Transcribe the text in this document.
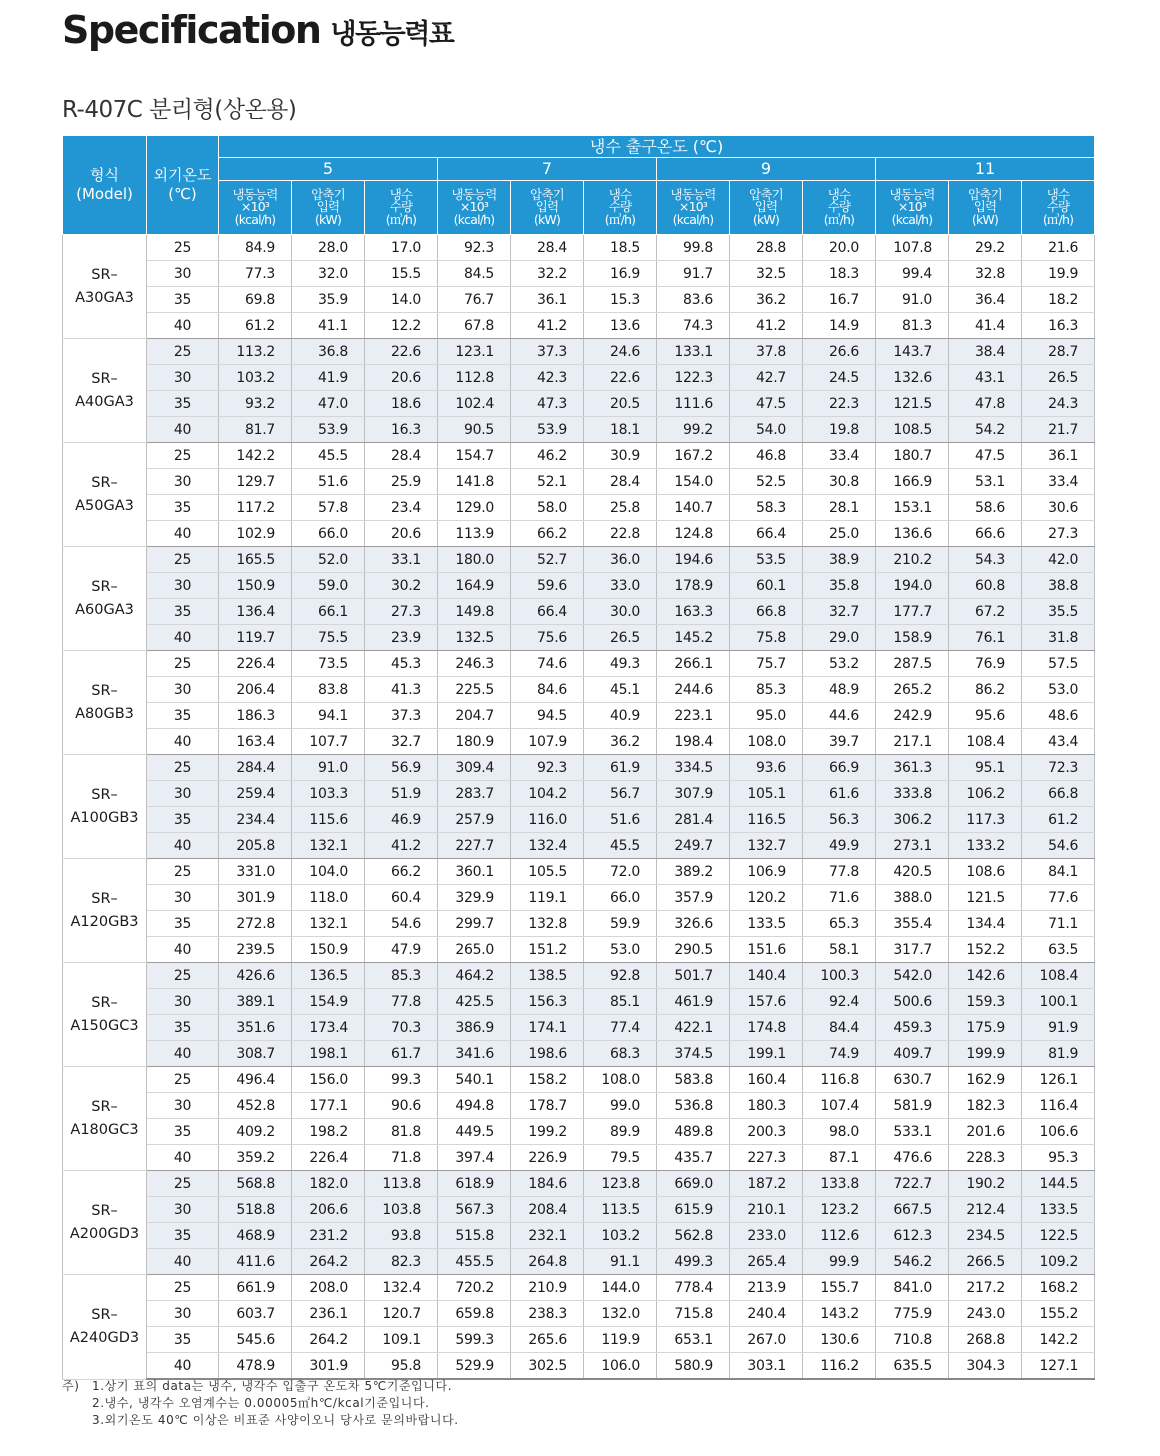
Specification 냉동능력표
R-407C 분리형(상온용)
형식
(Model)	외기온도
(℃)	냉수 출구온도 (℃)											
		5			7			9			11		
		냉동능력
×10³
(kcal/h)	압축기
입력
(kW)	냉수
수량
(㎥/h)	냉동능력
×10³
(kcal/h)	압축기
입력
(kW)	냉수
수량
(㎥/h)	냉동능력
×10³
(kcal/h)	압축기
입력
(kW)	냉수
수량
(㎥/h)	냉동능력
×10³
(kcal/h)	압축기
입력
(kW)	냉수
수량
(㎥/h)
SR–
A30GA3	25	84.9	28.0	17.0	92.3	28.4	18.5	99.8	28.8	20.0	107.8	29.2	21.6
	30	77.3	32.0	15.5	84.5	32.2	16.9	91.7	32.5	18.3	99.4	32.8	19.9
	35	69.8	35.9	14.0	76.7	36.1	15.3	83.6	36.2	16.7	91.0	36.4	18.2
	40	61.2	41.1	12.2	67.8	41.2	13.6	74.3	41.2	14.9	81.3	41.4	16.3
SR–
A40GA3	25	113.2	36.8	22.6	123.1	37.3	24.6	133.1	37.8	26.6	143.7	38.4	28.7
	30	103.2	41.9	20.6	112.8	42.3	22.6	122.3	42.7	24.5	132.6	43.1	26.5
	35	93.2	47.0	18.6	102.4	47.3	20.5	111.6	47.5	22.3	121.5	47.8	24.3
	40	81.7	53.9	16.3	90.5	53.9	18.1	99.2	54.0	19.8	108.5	54.2	21.7
SR–
A50GA3	25	142.2	45.5	28.4	154.7	46.2	30.9	167.2	46.8	33.4	180.7	47.5	36.1
	30	129.7	51.6	25.9	141.8	52.1	28.4	154.0	52.5	30.8	166.9	53.1	33.4
	35	117.2	57.8	23.4	129.0	58.0	25.8	140.7	58.3	28.1	153.1	58.6	30.6
	40	102.9	66.0	20.6	113.9	66.2	22.8	124.8	66.4	25.0	136.6	66.6	27.3
SR–
A60GA3	25	165.5	52.0	33.1	180.0	52.7	36.0	194.6	53.5	38.9	210.2	54.3	42.0
	30	150.9	59.0	30.2	164.9	59.6	33.0	178.9	60.1	35.8	194.0	60.8	38.8
	35	136.4	66.1	27.3	149.8	66.4	30.0	163.3	66.8	32.7	177.7	67.2	35.5
	40	119.7	75.5	23.9	132.5	75.6	26.5	145.2	75.8	29.0	158.9	76.1	31.8
SR–
A80GB3	25	226.4	73.5	45.3	246.3	74.6	49.3	266.1	75.7	53.2	287.5	76.9	57.5
	30	206.4	83.8	41.3	225.5	84.6	45.1	244.6	85.3	48.9	265.2	86.2	53.0
	35	186.3	94.1	37.3	204.7	94.5	40.9	223.1	95.0	44.6	242.9	95.6	48.6
	40	163.4	107.7	32.7	180.9	107.9	36.2	198.4	108.0	39.7	217.1	108.4	43.4
SR–
A100GB3	25	284.4	91.0	56.9	309.4	92.3	61.9	334.5	93.6	66.9	361.3	95.1	72.3
	30	259.4	103.3	51.9	283.7	104.2	56.7	307.9	105.1	61.6	333.8	106.2	66.8
	35	234.4	115.6	46.9	257.9	116.0	51.6	281.4	116.5	56.3	306.2	117.3	61.2
	40	205.8	132.1	41.2	227.7	132.4	45.5	249.7	132.7	49.9	273.1	133.2	54.6
SR–
A120GB3	25	331.0	104.0	66.2	360.1	105.5	72.0	389.2	106.9	77.8	420.5	108.6	84.1
	30	301.9	118.0	60.4	329.9	119.1	66.0	357.9	120.2	71.6	388.0	121.5	77.6
	35	272.8	132.1	54.6	299.7	132.8	59.9	326.6	133.5	65.3	355.4	134.4	71.1
	40	239.5	150.9	47.9	265.0	151.2	53.0	290.5	151.6	58.1	317.7	152.2	63.5
SR–
A150GC3	25	426.6	136.5	85.3	464.2	138.5	92.8	501.7	140.4	100.3	542.0	142.6	108.4
	30	389.1	154.9	77.8	425.5	156.3	85.1	461.9	157.6	92.4	500.6	159.3	100.1
	35	351.6	173.4	70.3	386.9	174.1	77.4	422.1	174.8	84.4	459.3	175.9	91.9
	40	308.7	198.1	61.7	341.6	198.6	68.3	374.5	199.1	74.9	409.7	199.9	81.9
SR–
A180GC3	25	496.4	156.0	99.3	540.1	158.2	108.0	583.8	160.4	116.8	630.7	162.9	126.1
	30	452.8	177.1	90.6	494.8	178.7	99.0	536.8	180.3	107.4	581.9	182.3	116.4
	35	409.2	198.2	81.8	449.5	199.2	89.9	489.8	200.3	98.0	533.1	201.6	106.6
	40	359.2	226.4	71.8	397.4	226.9	79.5	435.7	227.3	87.1	476.6	228.3	95.3
SR–
A200GD3	25	568.8	182.0	113.8	618.9	184.6	123.8	669.0	187.2	133.8	722.7	190.2	144.5
	30	518.8	206.6	103.8	567.3	208.4	113.5	615.9	210.1	123.2	667.5	212.4	133.5
	35	468.9	231.2	93.8	515.8	232.1	103.2	562.8	233.0	112.6	612.3	234.5	122.5
	40	411.6	264.2	82.3	455.5	264.8	91.1	499.3	265.4	99.9	546.2	266.5	109.2
SR–
A240GD3	25	661.9	208.0	132.4	720.2	210.9	144.0	778.4	213.9	155.7	841.0	217.2	168.2
	30	603.7	236.1	120.7	659.8	238.3	132.0	715.8	240.4	143.2	775.9	243.0	155.2
	35	545.6	264.2	109.1	599.3	265.6	119.9	653.1	267.0	130.6	710.8	268.8	142.2
	40	478.9	301.9	95.8	529.9	302.5	106.0	580.9	303.1	116.2	635.5	304.3	127.1
주) 1.상기 표의 data는 냉수, 냉각수 입출구 온도차 5℃기준입니다.
2.냉수, 냉각수 오염계수는 0.00005㎡h℃/kcal기준입니다.
3.외기온도 40℃ 이상은 비표준 사양이오니 당사로 문의바랍니다.
